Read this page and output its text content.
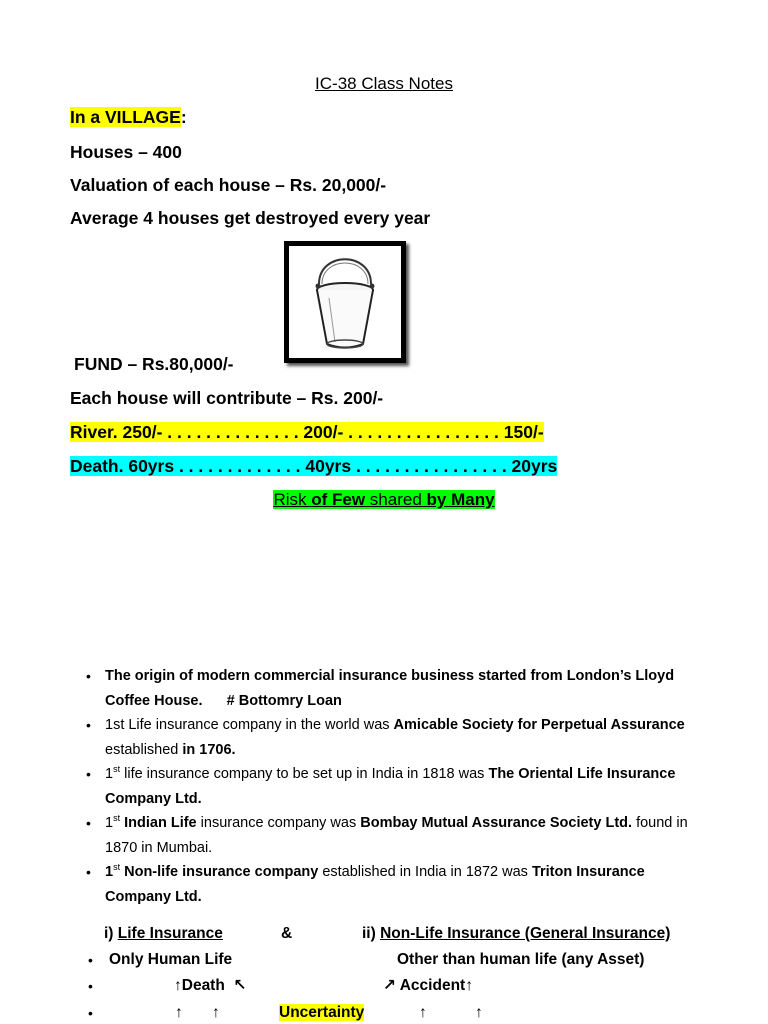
IC-38 Class Notes
In a VILLAGE:
Houses – 400
Valuation of each house – Rs. 20,000/-
Average 4 houses get destroyed every year
FUND – Rs.80,000/-
Each house will contribute – Rs. 200/-
River. 250/- . . . . . . . . . . . . . . 200/- . . . . . . . . . . . . . . . . 150/-
Death. 60yrs . . . . . . . . . . . . . 40yrs . . . . . . . . . . . . . . . . 20yrs
Risk of Few shared by Many
• The origin of modern commercial insurance business started from London’s Lloyd Coffee House. # Bottomry Loan
• 1st Life insurance company in the world was Amicable Society for Perpetual Assurance established in 1706.
• 1st life insurance company to be set up in India in 1818 was The Oriental Life Insurance Company Ltd.
• 1st Indian Life insurance company was Bombay Mutual Assurance Society Ltd. found in 1870 in Mumbai.
• 1st Non-life insurance company established in India in 1872 was Triton Insurance Company Ltd.
i) Life Insurance	&	ii) Non-Life Insurance (General Insurance)
• Only Human Life	Other than human life (any Asset)
•	↑Death ↖	↗ Accident↑
•	↑ ↑	Uncertainty	↑	↑
